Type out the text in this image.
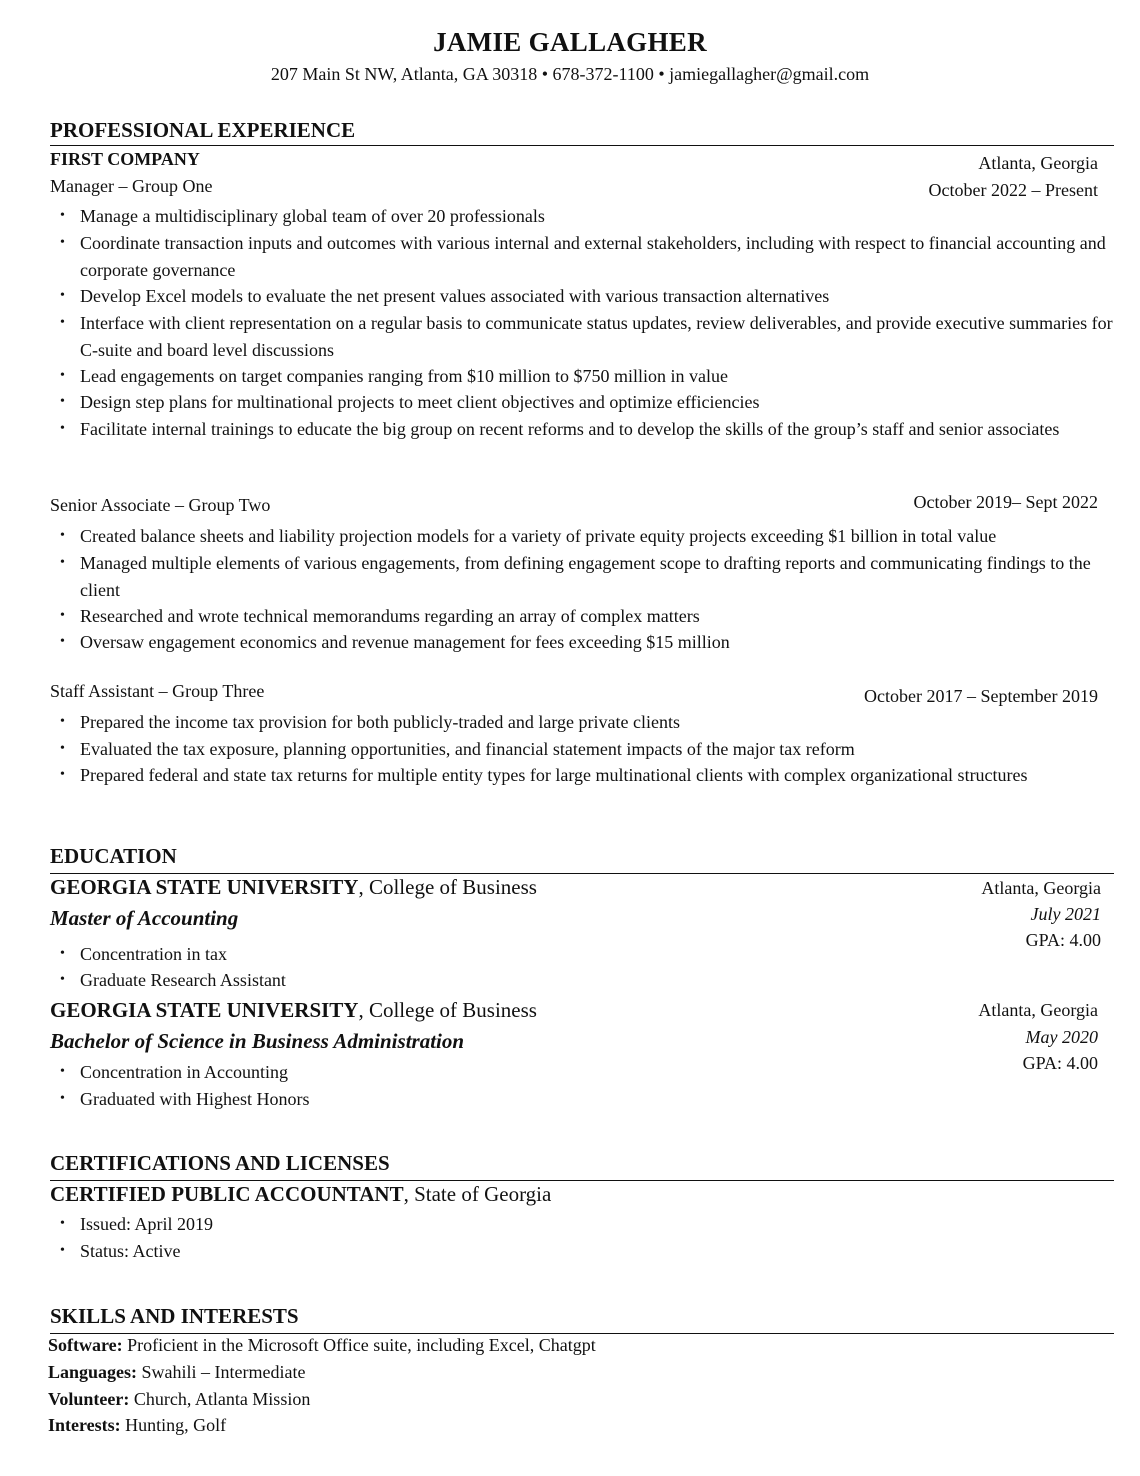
JAMIE GALLAGHER
207 Main St NW, Atlanta, GA 30318 • 678-372-1100 • jamiegallagher@gmail.com
PROFESSIONAL EXPERIENCE
FIRST COMPANY	Atlanta, Georgia
Manager – Group One	October 2022 – Present
• Manage a multidisciplinary global team of over 20 professionals
• Coordinate transaction inputs and outcomes with various internal and external stakeholders, including with respect to financial accounting and corporate governance
• Develop Excel models to evaluate the net present values associated with various transaction alternatives
• Interface with client representation on a regular basis to communicate status updates, review deliverables, and provide executive summaries for C-suite and board level discussions
• Lead engagements on target companies ranging from $10 million to $750 million in value
• Design step plans for multinational projects to meet client objectives and optimize efficiencies
• Facilitate internal trainings to educate the big group on recent reforms and to develop the skills of the group’s staff and senior associates
Senior Associate – Group Two	October 2019– Sept 2022
• Created balance sheets and liability projection models for a variety of private equity projects exceeding $1 billion in total value
• Managed multiple elements of various engagements, from defining engagement scope to drafting reports and communicating findings to the client
• Researched and wrote technical memorandums regarding an array of complex matters
• Oversaw engagement economics and revenue management for fees exceeding $15 million
Staff Assistant – Group Three	October 2017 – September 2019
• Prepared the income tax provision for both publicly-traded and large private clients
• Evaluated the tax exposure, planning opportunities, and financial statement impacts of the major tax reform
• Prepared federal and state tax returns for multiple entity types for large multinational clients with complex organizational structures
EDUCATION
GEORGIA STATE UNIVERSITY, College of Business	Atlanta, Georgia
Master of Accounting	July 2021
GPA: 4.00
• Concentration in tax
• Graduate Research Assistant
GEORGIA STATE UNIVERSITY, College of Business	Atlanta, Georgia
Bachelor of Science in Business Administration	May 2020
GPA: 4.00
• Concentration in Accounting
• Graduated with Highest Honors
CERTIFICATIONS AND LICENSES
CERTIFIED PUBLIC ACCOUNTANT, State of Georgia
• Issued: April 2019
• Status: Active
SKILLS AND INTERESTS
Software: Proficient in the Microsoft Office suite, including Excel, Chatgpt
Languages: Swahili – Intermediate
Volunteer: Church, Atlanta Mission
Interests: Hunting, Golf
